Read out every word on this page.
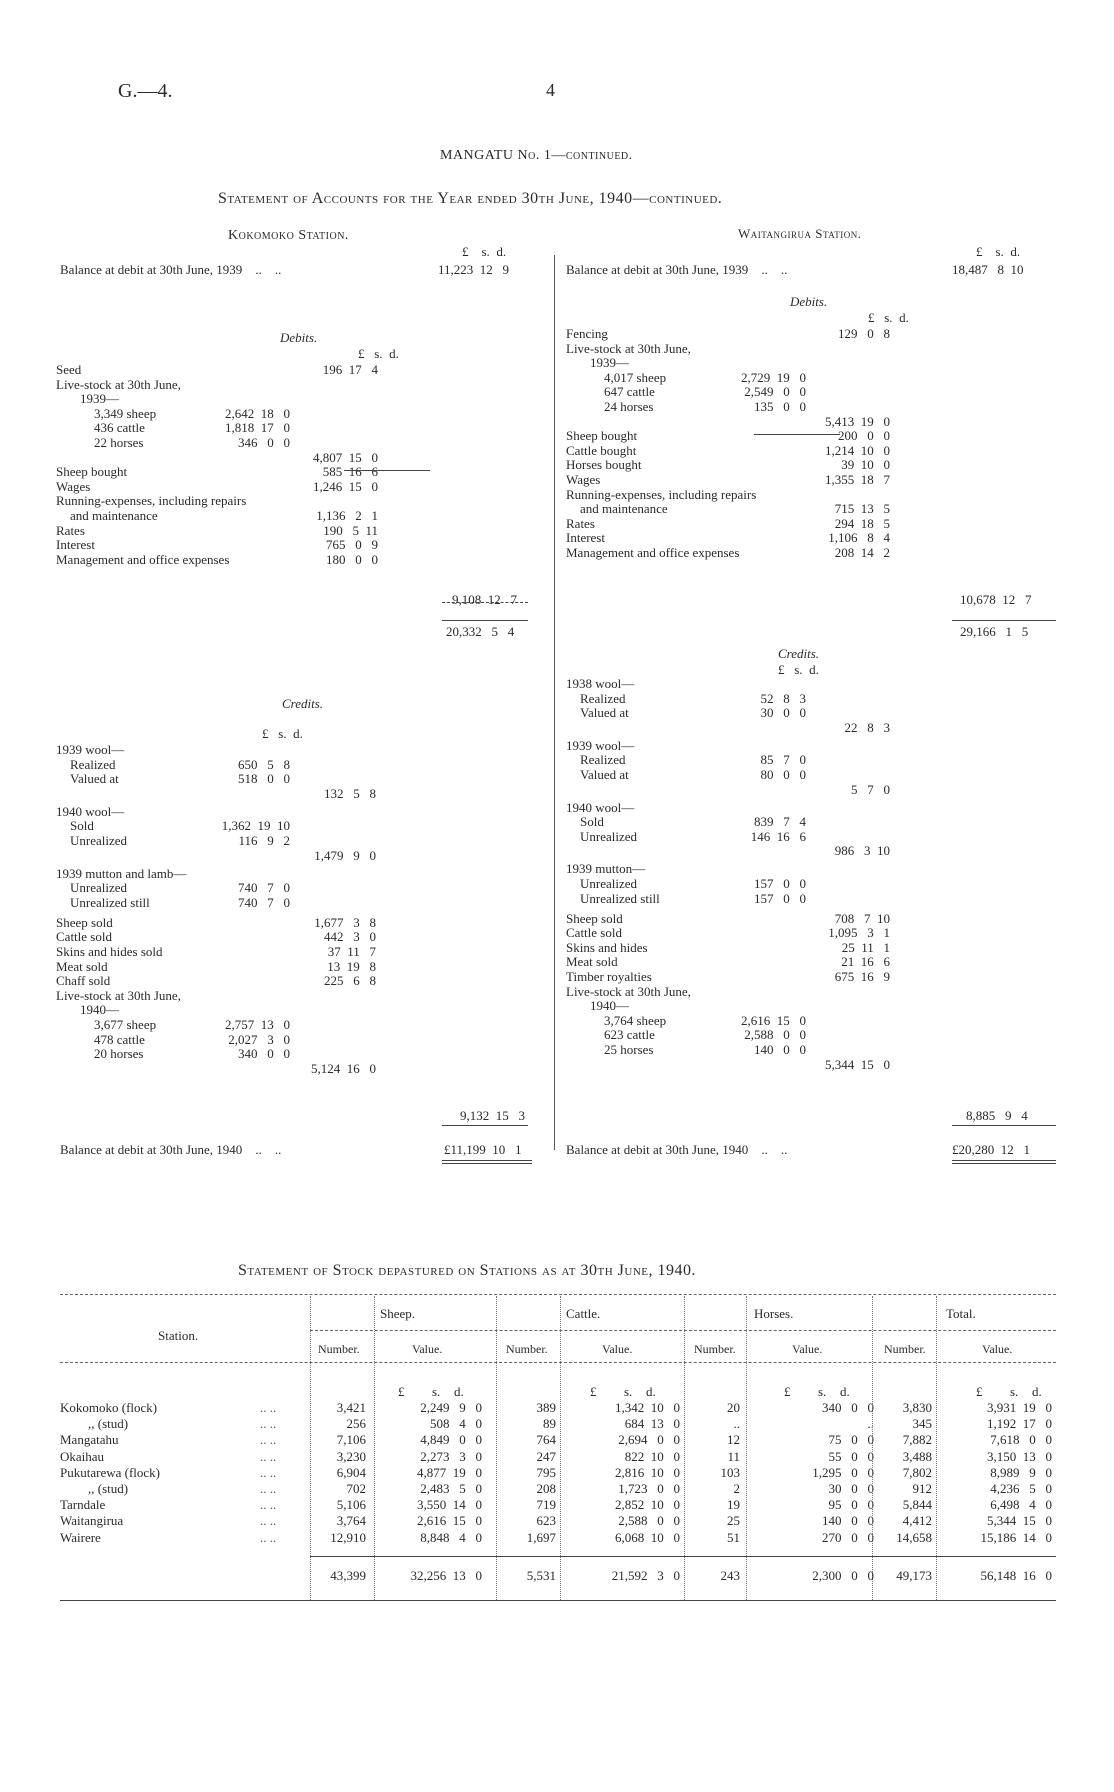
G.—4.	4
MANGATU No. 1—continued.
Statement of Accounts for the Year ended 30th June, 1940—continued.
Kokomoko Station.
£ s. d.
Balance at debit at 30th June, 1939    ..    ..	11,223  12   9
Debits.
£ s. d.
Seed	196  17   4
Live-stock at 30th June,
1939—
3,349 sheep	2,642  18   0
436 cattle	1,818  17   0
22 horses	346   0   0
4,807  15   0
Sheep bought	585  16   6
Wages	1,246  15   0
Running-expenses, including repairs
and maintenance	1,136   2   1
Rates	190   5  11
Interest	765   0   9
Management and office expenses	180   0   0
9,108  12   7
20,332   5   4
Credits.
£ s. d.
1939 wool—
Realized	650   5   8
Valued at	518   0   0
132   5   8
1940 wool—
Sold	1,362  19  10
Unrealized	116   9   2
1,479   9   0
1939 mutton and lamb—
Unrealized	740   7   0
Unrealized still	740   7   0
Sheep sold	1,677   3   8
Cattle sold	442   3   0
Skins and hides sold	37  11   7
Meat sold	13  19   8
Chaff sold	225   6   8
Live-stock at 30th June,
1940—
3,677 sheep	2,757  13   0
478 cattle	2,027   3   0
20 horses	340   0   0
5,124  16   0
9,132  15   3
Balance at debit at 30th June, 1940    ..    ..	£11,199  10   1
Waitangirua Station.
£ s. d.
Balance at debit at 30th June, 1939    ..    ..	18,487   8  10
Debits.
£ s. d.
Fencing	129   0   8
Live-stock at 30th June,
1939—
4,017 sheep	2,729  19   0
647 cattle	2,549   0   0
24 horses	135   0   0
5,413  19   0
Sheep bought	200   0   0
Cattle bought	1,214  10   0
Horses bought	39  10   0
Wages	1,355  18   7
Running-expenses, including repairs
and maintenance	715  13   5
Rates	294  18   5
Interest	1,106   8   4
Management and office expenses	208  14   2
10,678  12   7
29,166   1   5
Credits.
£ s. d.
1938 wool—
Realized	52   8   3
Valued at	30   0   0
22   8   3
1939 wool—
Realized	85   7   0
Valued at	80   0   0
5   7   0
1940 wool—
Sold	839   7   4
Unrealized	146  16   6
986   3  10
1939 mutton—
Unrealized	157   0   0
Unrealized still	157   0   0
Sheep sold	708   7  10
Cattle sold	1,095   3   1
Skins and hides	25  11   1
Meat sold	21  16   6
Timber royalties	675  16   9
Live-stock at 30th June,
1940—
3,764 sheep	2,616  15   0
623 cattle	2,588   0   0
25 horses	140   0   0
5,344  15   0
8,885   9   4
Balance at debit at 30th June, 1940    ..    ..	£20,280  12   1
Statement of Stock depastured on Stations as at 30th June, 1940.
Station.
Sheep.	Cattle.	Horses.	Total.
Number.	Value.	Number.	Value.	Number.	Value.	Number.	Value.
£ s. d.	£ s. d.	£ s. d.	£ s. d.
Kokomoko (flock)	.. ..	3,421	2,249   9   0	389	1,342  10   0	20	340   0   0	3,830	3,931  19   0
,, (stud)	.. ..	256	508   4   0	89	684  13   0	..	..	345	1,192  17   0
Mangatahu	.. ..	7,106	4,849   0   0	764	2,694   0   0	12	75   0   0	7,882	7,618   0   0
Okaihau	.. ..	3,230	2,273   3   0	247	822  10   0	11	55   0   0	3,488	3,150  13   0
Pukutarewa (flock)	.. ..	6,904	4,877  19   0	795	2,816  10   0	103	1,295   0   0	7,802	8,989   9   0
,, (stud)	.. ..	702	2,483   5   0	208	1,723   0   0	2	30   0   0	912	4,236   5   0
Tarndale	.. ..	5,106	3,550  14   0	719	2,852  10   0	19	95   0   0	5,844	6,498   4   0
Waitangirua	.. ..	3,764	2,616  15   0	623	2,588   0   0	25	140   0   0	4,412	5,344  15   0
Wairere	.. ..	12,910	8,848   4   0	1,697	6,068  10   0	51	270   0   0	14,658	15,186  14   0
43,399	32,256  13   0	5,531	21,592   3   0	243	2,300   0   0	49,173	56,148  16   0
